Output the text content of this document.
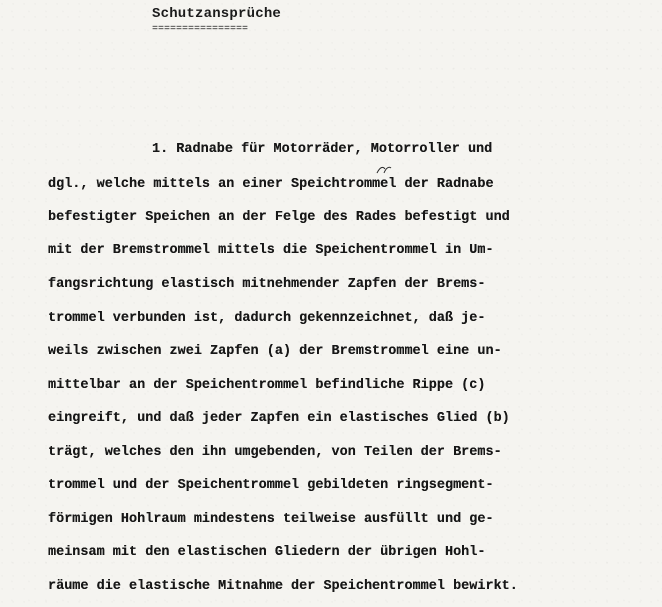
Schutzansprüche
================
1. Radnabe für Motorräder, Motorroller und
dgl., welche mittels an einer Speichtrommel der Radnabe
befestigter Speichen an der Felge des Rades befestigt und
mit der Bremstrommel mittels die Speichentrommel in Um-
fangsrichtung elastisch mitnehmender Zapfen der Brems-
trommel verbunden ist, dadurch gekennzeichnet, daß je-
weils zwischen zwei Zapfen (a) der Bremstrommel eine un-
mittelbar an der Speichentrommel befindliche Rippe (c)
eingreift, und daß jeder Zapfen ein elastisches Glied (b)
trägt, welches den ihn umgebenden, von Teilen der Brems-
trommel und der Speichentrommel gebildeten ringsegment-
förmigen Hohlraum mindestens teilweise ausfüllt und ge-
meinsam mit den elastischen Gliedern der übrigen Hohl-
räume die elastische Mitnahme der Speichentrommel bewirkt.
